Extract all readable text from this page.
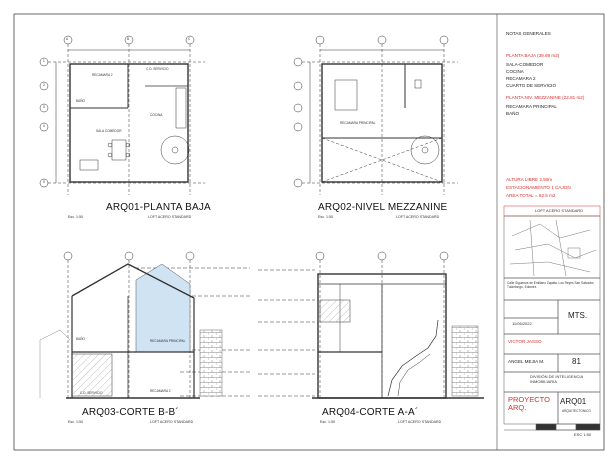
A	B	C
1
2
3
4
5
RECAMARA 2
C.D. SERVICIO
COCINA
SALA COMEDOR
BAÑO
ARQ01-PLANTA BAJA
Esc. 1:50	LOFT ACERO STANDARD
RECAMARA PRINCIPAL
ARQ02-NIVEL MEZZANINE
Esc. 1:50	LOFT ACERO STANDARD
BAÑO	RECAMARA PRINCIPAL
C.D. SERVICIO	RECAMARA 2
ARQ03-CORTE B-B´
Esc. 1:50	LOFT ACERO STANDARD
ARQ04-CORTE A-A´
Esc. 1:50	LOFT ACERO STANDARD
NOTAS GENERALES
PLANTA BAJA (39.69 m2)
SALA-COMEDOR
COCINA
RECAMARA 2
CUARTO DE SERVICIO
PLANTA NIV. MEZZANINE (22.81 m2)
RECAMARA PRINCIPAL
BAÑO
ALTURA LIBRE 2.50m
ESTACIONAMIENTO 1 CAJON
AREA TOTAL = 62.5 m2
LOFT ACERO STANDARD
Calle Siguenza de Emiliano Zapata, Los Reyes San Salvador, Tulantongo, Edomex
11/06/2022
MTS.
VICTOR JASSO
81
ANGEL MEJIA M.
DIVISIÓN DE INTELIGENCIA INMOBILIARIA
PROYECTO ARQ.
ARQ01
ARQUITECTONICO
ESC 1:50
